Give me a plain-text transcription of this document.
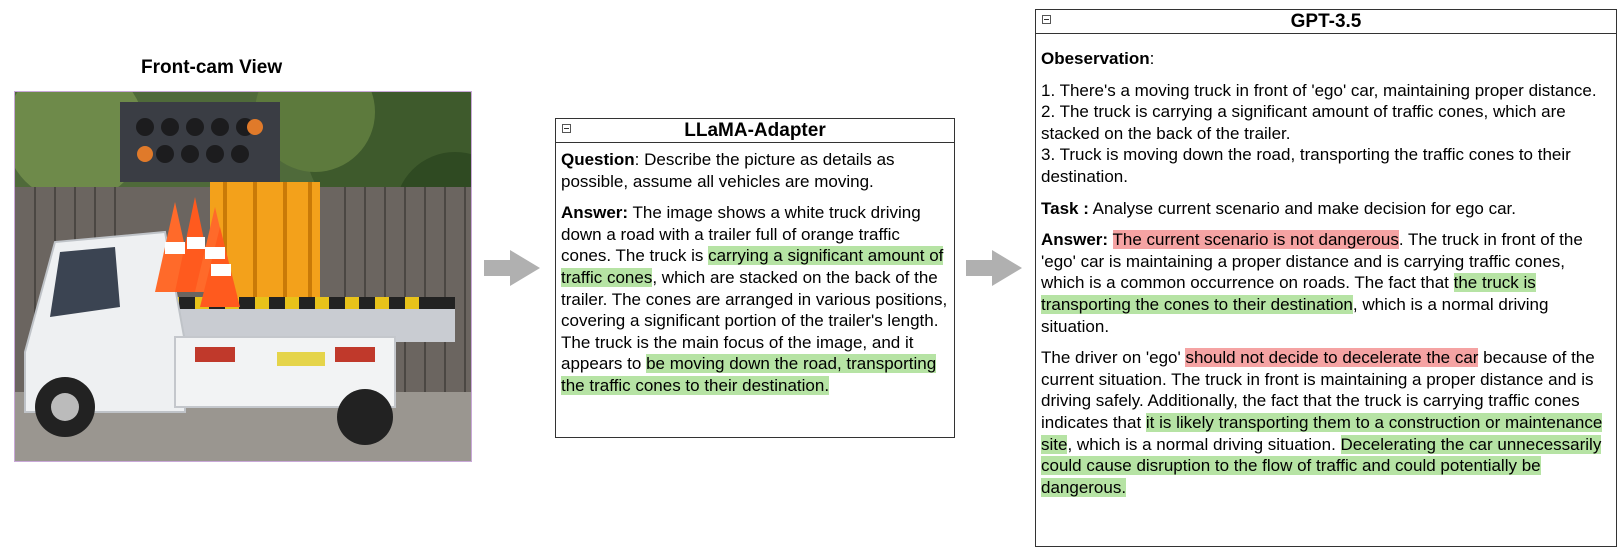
Front-cam View
LLaMA-Adapter

Question: Describe the picture as details as possible, assume all vehicles are moving.

Answer: The image shows a white truck driving down a road with a trailer full of orange traffic cones. The truck is carrying a significant amount of traffic cones, which are stacked on the back of the trailer. The cones are arranged in various positions, covering a significant portion of the trailer's length. The truck is the main focus of the image, and it appears to be moving down the road, transporting the traffic cones to their destination.

GPT-3.5

Obeservation:

1. There's a moving truck in front of 'ego' car, maintaining proper distance.
2. The truck is carrying a significant amount of traffic cones, which are stacked on the back of the trailer.
3. Truck is moving down the road, transporting the traffic cones to their destination.

Task : Analyse current scenario and make decision for ego car.

Answer: The current scenario is not dangerous. The truck in front of the 'ego' car is maintaining a proper distance and is carrying traffic cones, which is a common occurrence on roads. The fact that the truck is transporting the cones to their destination, which is a normal driving situation.

The driver on 'ego' should not decide to decelerate the car because of the current situation. The truck in front is maintaining a proper distance and is driving safely. Additionally, the fact that the truck is carrying traffic cones indicates that it is likely transporting them to a construction or maintenance site, which is a normal driving situation. Decelerating the car unnecessarily could cause disruption to the flow of traffic and could potentially be dangerous.
